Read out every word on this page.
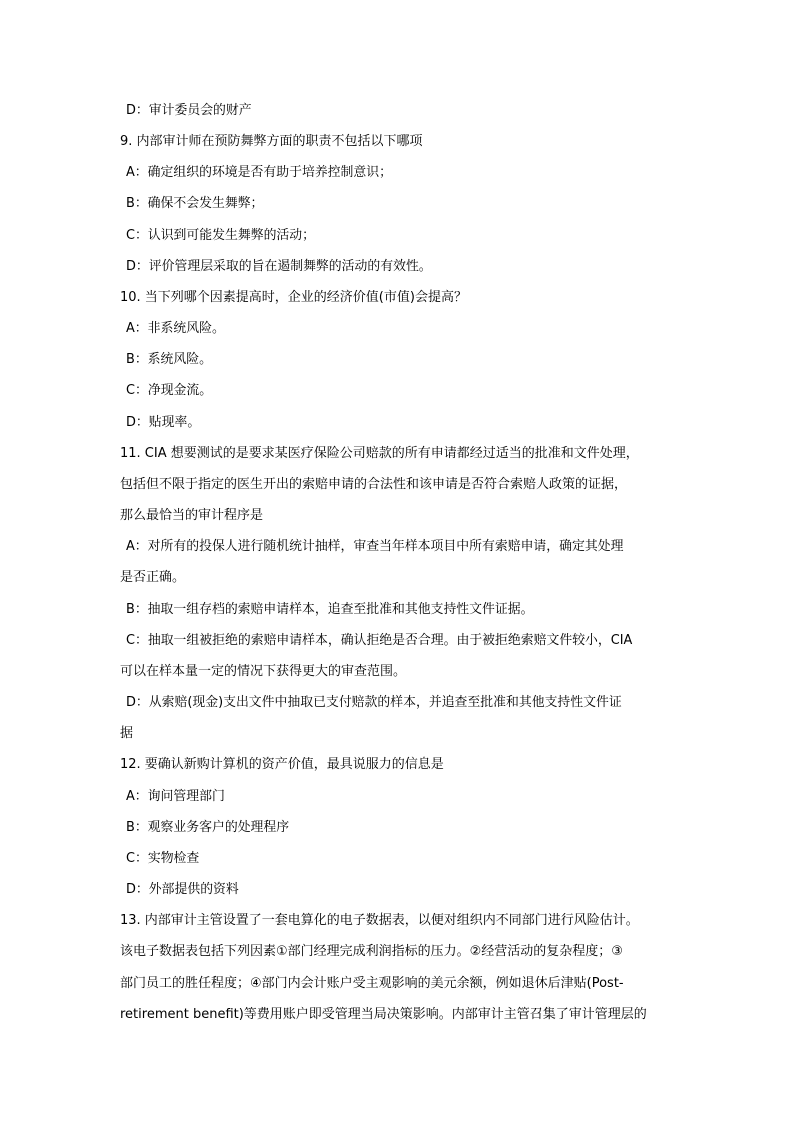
D：审计委员会的财产
9. 内部审计师在预防舞弊方面的职责不包括以下哪项
A：确定组织的环境是否有助于培养控制意识；
B：确保不会发生舞弊；
C：认识到可能发生舞弊的活动；
D：评价管理层采取的旨在遏制舞弊的活动的有效性。
10. 当下列哪个因素提高时，企业的经济价值(市值)会提高？
A：非系统风险。
B：系统风险。
C：净现金流。
D：贴现率。
11. CIA 想要测试的是要求某医疗保险公司赔款的所有申请都经过适当的批准和文件处理，
包括但不限于指定的医生开出的索赔申请的合法性和该申请是否符合索赔人政策的证据，
那么最恰当的审计程序是
A：对所有的投保人进行随机统计抽样，审查当年样本项目中所有索赔申请，确定其处理
是否正确。
B：抽取一组存档的索赔申请样本，追查至批准和其他支持性文件证据。
C：抽取一组被拒绝的索赔申请样本，确认拒绝是否合理。由于被拒绝索赔文件较小，CIA
可以在样本量一定的情况下获得更大的审查范围。
D：从索赔(现金)支出文件中抽取已支付赔款的样本，并追查至批准和其他支持性文件证
据
12. 要确认新购计算机的资产价值，最具说服力的信息是
A：询问管理部门
B：观察业务客户的处理程序
C：实物检查
D：外部提供的资料
13. 内部审计主管设置了一套电算化的电子数据表，以便对组织内不同部门进行风险估计。
该电子数据表包括下列因素①部门经理完成利润指标的压力。②经营活动的复杂程度；③
部门员工的胜任程度；④部门内会计账户受主观影响的美元余额，例如退休后津贴(Post-
retirement benefit)等费用账户即受管理当局决策影响。内部审计主管召集了审计管理层的
